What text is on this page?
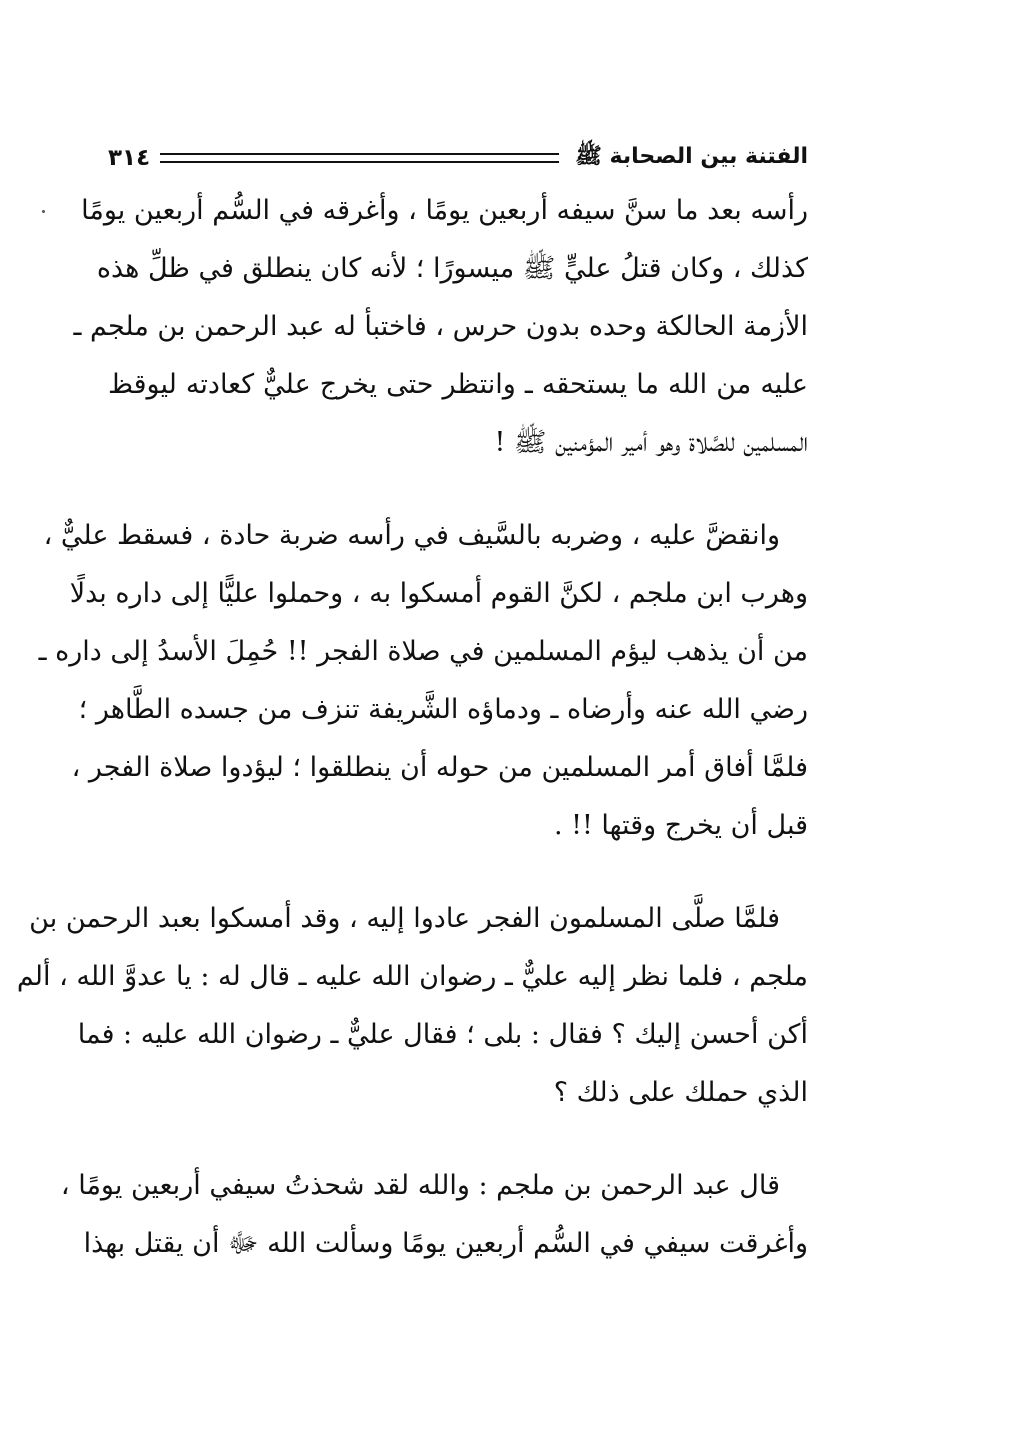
الفتنة بين الصحابة ﷺ
٣١٤
رأسه بعد ما سنَّ سيفه أربعين يومًا ، وأغرقه في السُّم أربعين يومًا
كذلك ، وكان قتلُ عليٍّ ﷺ ميسورًا ؛ لأنه كان ينطلق في ظلِّ هذه
الأزمة الحالكة وحده بدون حرس ، فاختبأ له عبد الرحمن بن ملجم ـ
عليه من الله ما يستحقه ـ وانتظر حتى يخرج عليٌّ كعادته ليوقظ
المسلمين للصَّلاة وهو أمير المؤمنين ﷺ !
وانقضَّ عليه ، وضربه بالسَّيف في رأسه ضربة حادة ، فسقط عليٌّ ،
وهرب ابن ملجم ، لكنَّ القوم أمسكوا به ، وحملوا عليًّا إلى داره بدلًا
من أن يذهب ليؤم المسلمين في صلاة الفجر !! حُمِلَ الأسدُ إلى داره ـ
رضي الله عنه وأرضاه ـ ودماؤه الشَّريفة تنزف من جسده الطَّاهر ؛
فلمَّا أفاق أمر المسلمين من حوله أن ينطلقوا ؛ ليؤدوا صلاة الفجر ،
قبل أن يخرج وقتها !! .
فلمَّا صلَّى المسلمون الفجر عادوا إليه ، وقد أمسكوا بعبد الرحمن بن
ملجم ، فلما نظر إليه عليٌّ ـ رضوان الله عليه ـ قال له : يا عدوَّ الله ، ألم
أكن أحسن إليك ؟ فقال : بلى ؛ فقال عليٌّ ـ رضوان الله عليه : فما
الذي حملك على ذلك ؟
قال عبد الرحمن بن ملجم : والله لقد شحذتُ سيفي أربعين يومًا ،
وأغرقت سيفي في السُّم أربعين يومًا وسألت الله ﷻ أن يقتل بهذا
